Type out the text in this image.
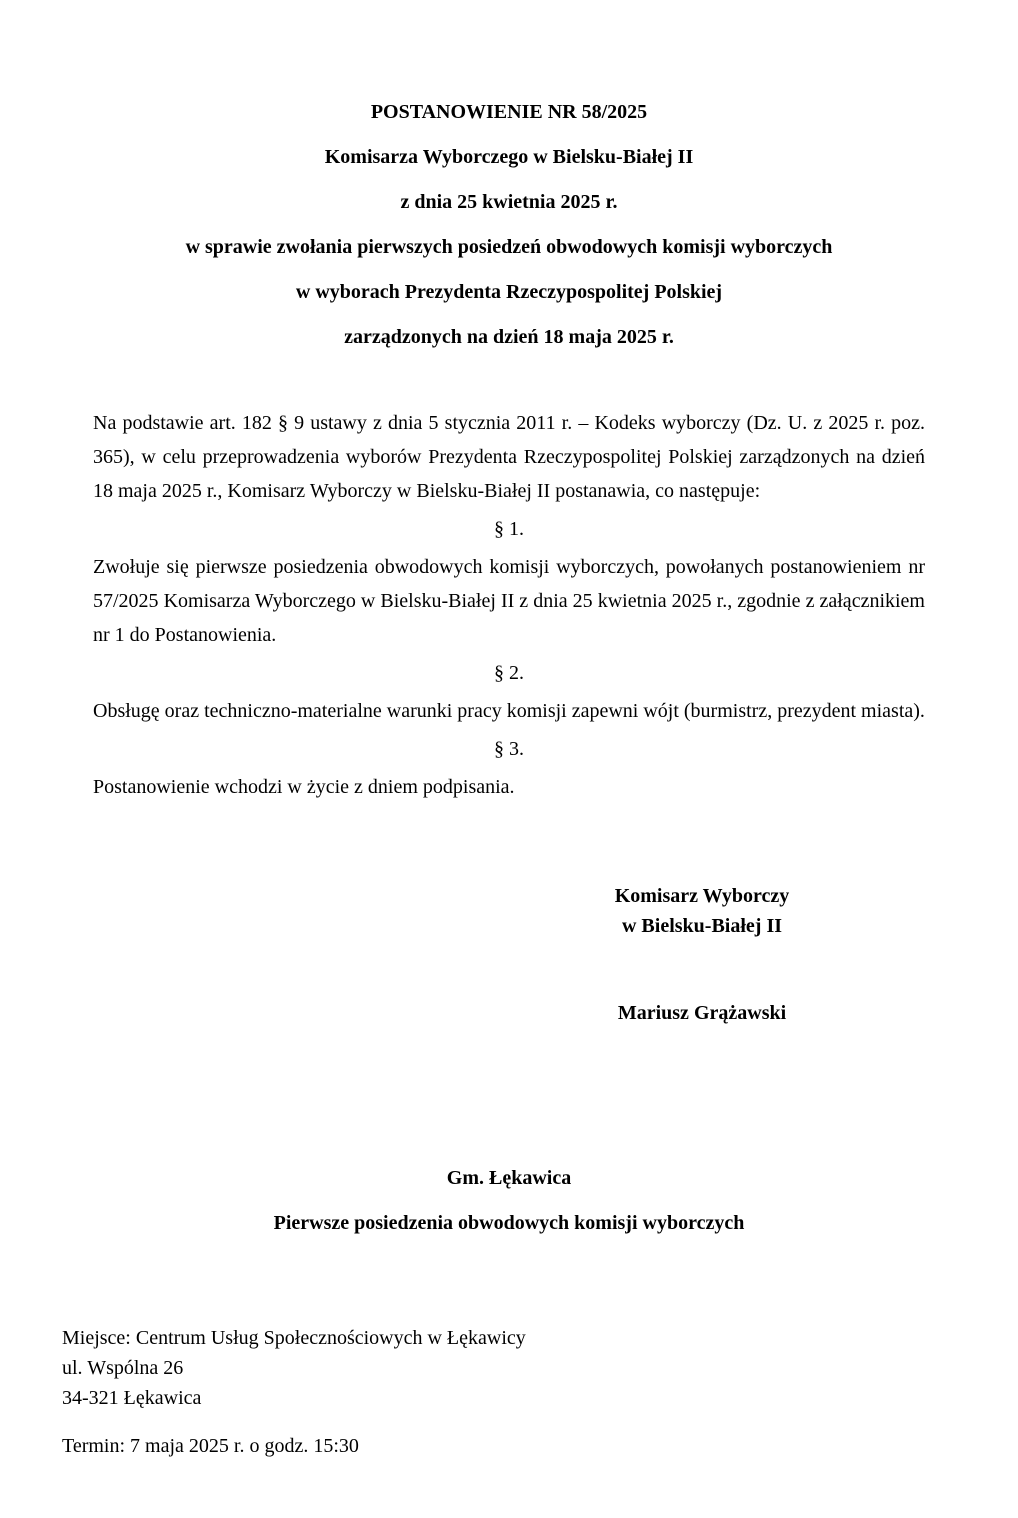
POSTANOWIENIE NR 58/2025
Komisarza Wyborczego w Bielsku-Białej II
z dnia 25 kwietnia 2025 r.
w sprawie zwołania pierwszych posiedzeń obwodowych komisji wyborczych
w wyborach Prezydenta Rzeczypospolitej Polskiej
zarządzonych na dzień 18 maja 2025 r.

Na podstawie art. 182 § 9 ustawy z dnia 5 stycznia 2011 r. – Kodeks wyborczy (Dz. U. z 2025 r. poz. 365), w celu przeprowadzenia wyborów Prezydenta Rzeczypospolitej Polskiej zarządzonych na dzień 18 maja 2025 r., Komisarz Wyborczy w Bielsku-Białej II postanawia, co następuje:

§ 1.

Zwołuje się pierwsze posiedzenia obwodowych komisji wyborczych, powołanych postanowieniem nr 57/2025 Komisarza Wyborczego w Bielsku-Białej II z dnia 25 kwietnia 2025 r., zgodnie z załącznikiem nr 1 do Postanowienia.

§ 2.

Obsługę oraz techniczno-materialne warunki pracy komisji zapewni wójt (burmistrz, prezydent miasta).

§ 3.

Postanowienie wchodzi w życie z dniem podpisania.

Komisarz Wyborczy
w Bielsku-Białej II
Mariusz Grążawski
Gm. Łękawica
Pierwsze posiedzenia obwodowych komisji wyborczych
Miejsce: Centrum Usług Społecznościowych w Łękawicy
ul. Wspólna 26
34-321 Łękawica
Termin: 7 maja 2025 r. o godz. 15:30
